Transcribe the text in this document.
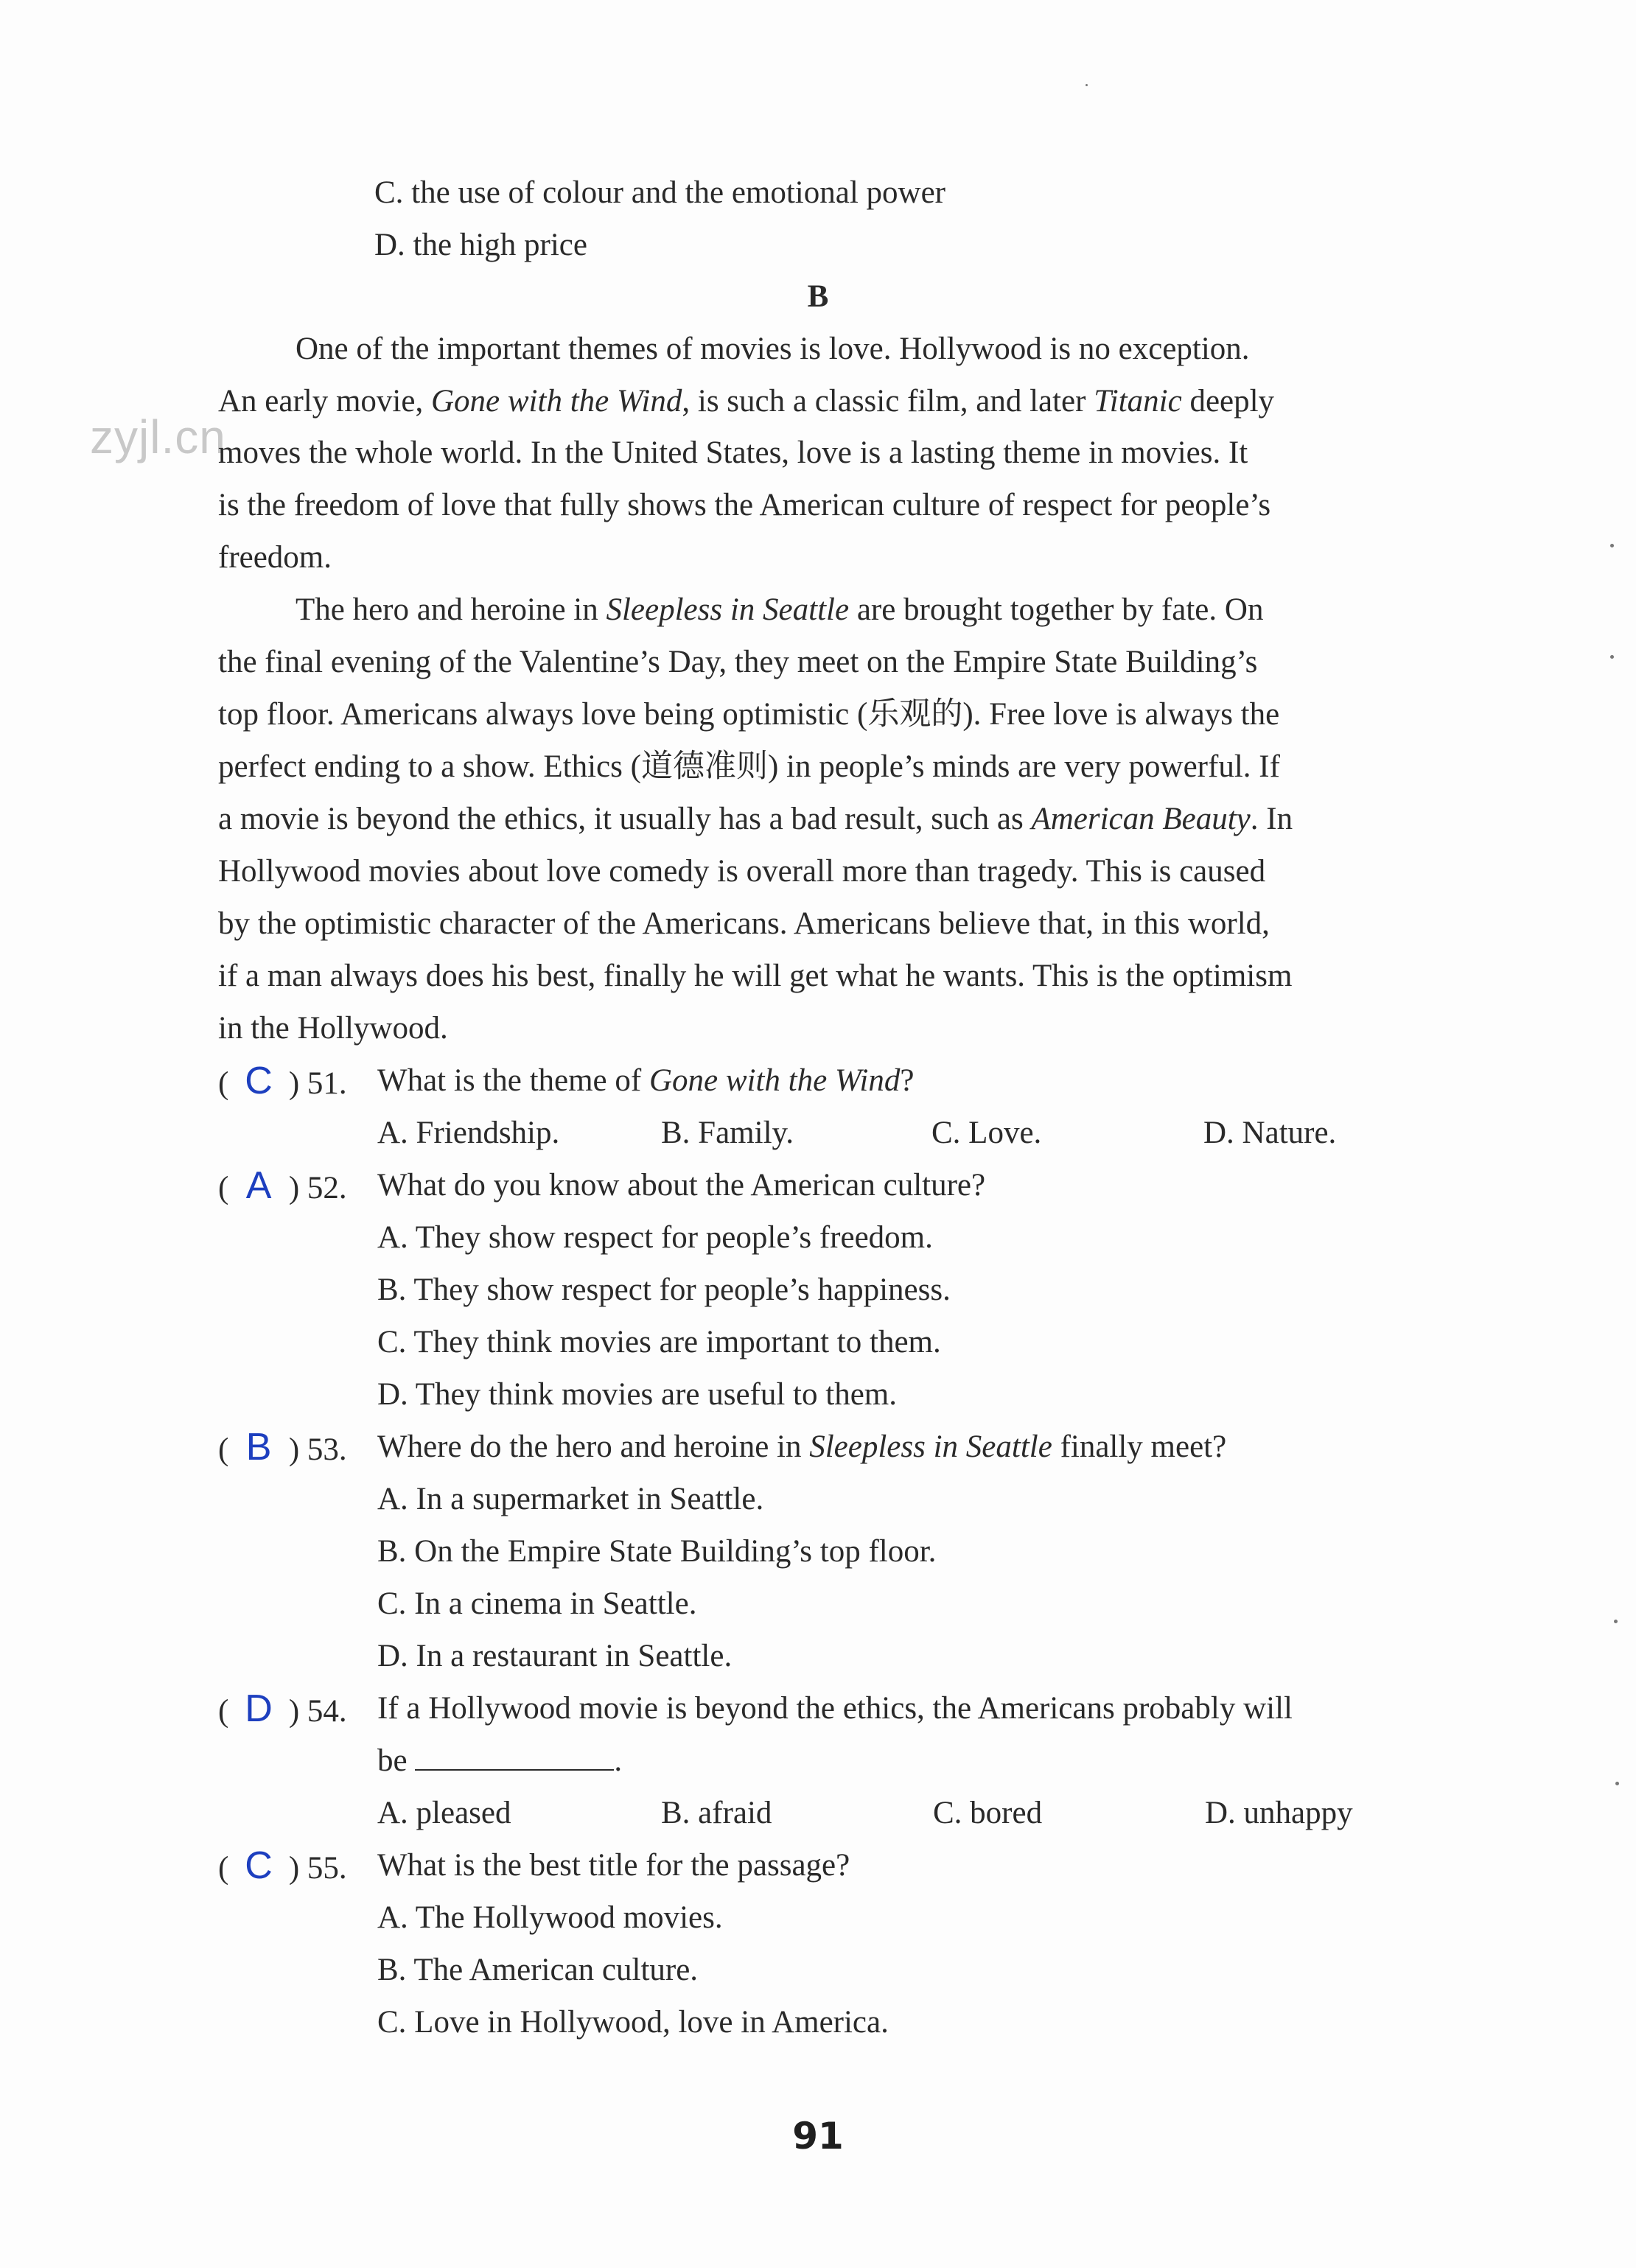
C. the use of colour and the emotional power
D. the high price
B
zyjl.cn
One of the important themes of movies is love. Hollywood is no exception.
An early movie, Gone with the Wind, is such a classic film, and later Titanic deeply
moves the whole world. In the United States, love is a lasting theme in movies. It
is the freedom of love that fully shows the American culture of respect for people’s
freedom.
The hero and heroine in Sleepless in Seattle are brought together by fate. On
the final evening of the Valentine’s Day, they meet on the Empire State Building’s
top floor. Americans always love being optimistic (乐观的). Free love is always the
perfect ending to a show. Ethics (道德准则) in people’s minds are very powerful. If
a movie is beyond the ethics, it usually has a bad result, such as American Beauty. In
Hollywood movies about love comedy is overall more than tragedy. This is caused
by the optimistic character of the Americans. Americans believe that, in this world,
if a man always does his best, finally he will get what he wants. This is the optimism
in the Hollywood.
( C ) 51. What is the theme of Gone with the Wind?
A. Friendship.	B. Family.	C. Love.	D. Nature.
( A ) 52. What do you know about the American culture?
A. They show respect for people’s freedom.
B. They show respect for people’s happiness.
C. They think movies are important to them.
D. They think movies are useful to them.
( B ) 53. Where do the hero and heroine in Sleepless in Seattle finally meet?
A. In a supermarket in Seattle.
B. On the Empire State Building’s top floor.
C. In a cinema in Seattle.
D. In a restaurant in Seattle.
( D ) 54. If a Hollywood movie is beyond the ethics, the Americans probably will
be	.
A. pleased	B. afraid	C. bored	D. unhappy
( C ) 55. What is the best title for the passage?
A. The Hollywood movies.
B. The American culture.
C. Love in Hollywood, love in America.
91
